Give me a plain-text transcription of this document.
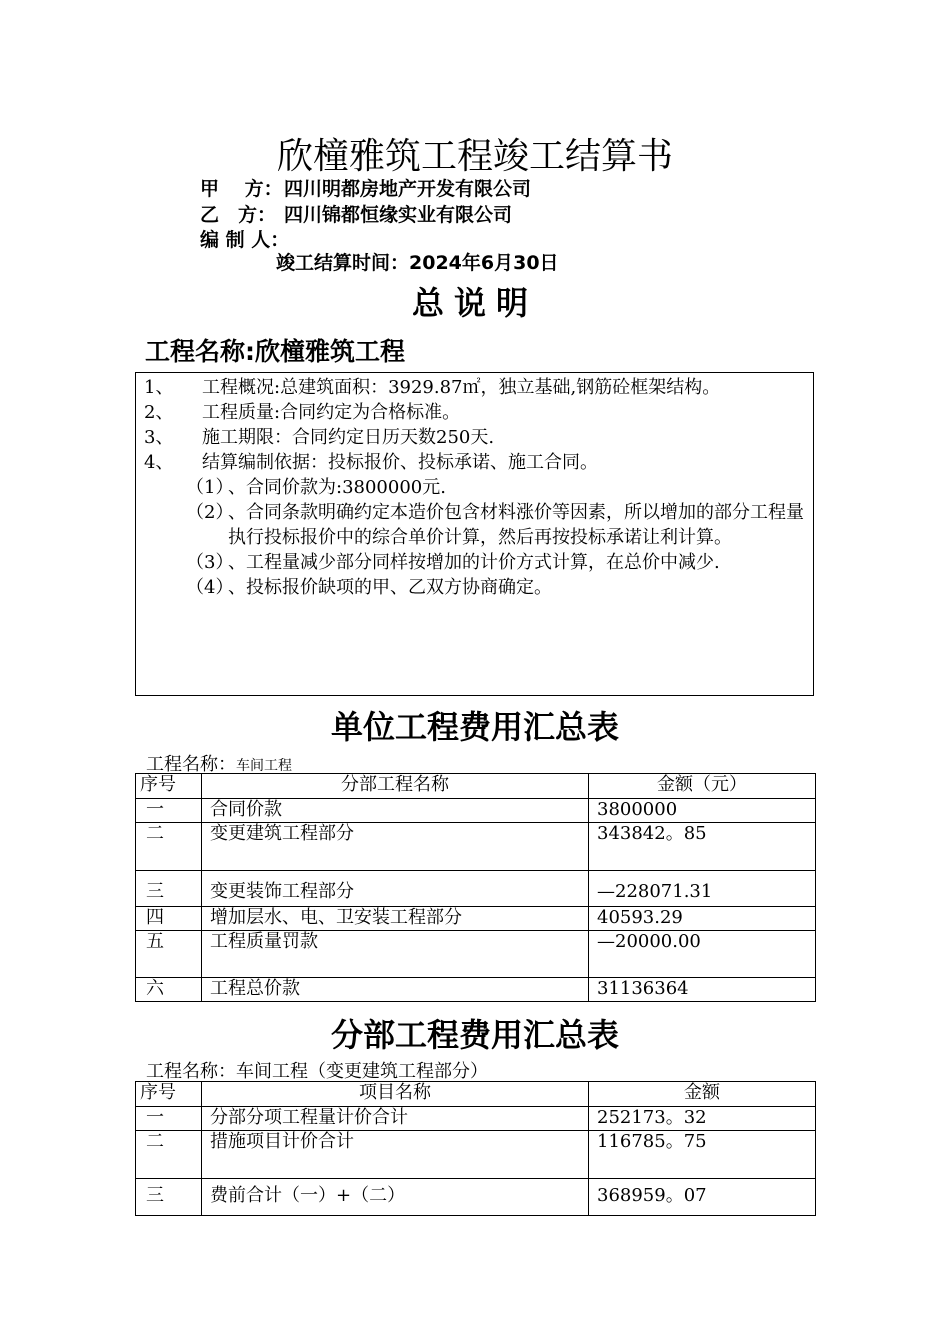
欣橦雅筑工程竣工结算书
甲　 方：四川明都房地产开发有限公司
乙　方： 四川锦都恒缘实业有限公司
编 制 人：
竣工结算时间：2024年6月30日
总说明
工程名称:欣橦雅筑工程
1、 工程概况:总建筑面积：3929.87㎡，独立基础,钢筋砼框架结构。
2、 工程质量:合同约定为合格标准。
3、 施工期限：合同约定日历天数250天.
4、 结算编制依据：投标报价、投标承诺、施工合同。
（1）
、合同价款为:3800000元.
（2）
、合同条款明确约定本造价包含材料涨价等因素，所以增加的部分工程量执行投标报价中的综合单价计算，然后再按投标承诺让利计算。
（3）
、工程量减少部分同样按增加的计价方式计算，在总价中减少.
（4）
、投标报价缺项的甲、乙双方协商确定。
单位工程费用汇总表
工程名称：车间工程
序号	分部工程名称	金额（元）
一	合同价款	3800000
二	变更建筑工程部分	343842。85
三	变更装饰工程部分	—228071.31
四	增加层水、电、卫安装工程部分	40593.29
五	工程质量罚款	—20000.00
六	工程总价款	31136364
分部工程费用汇总表
工程名称：车间工程（变更建筑工程部分）
序号	项目名称	金额
一	分部分项工程量计价合计	252173。32
二	措施项目计价合计	116785。75
三	费前合计（一）+（二）	368959。07
